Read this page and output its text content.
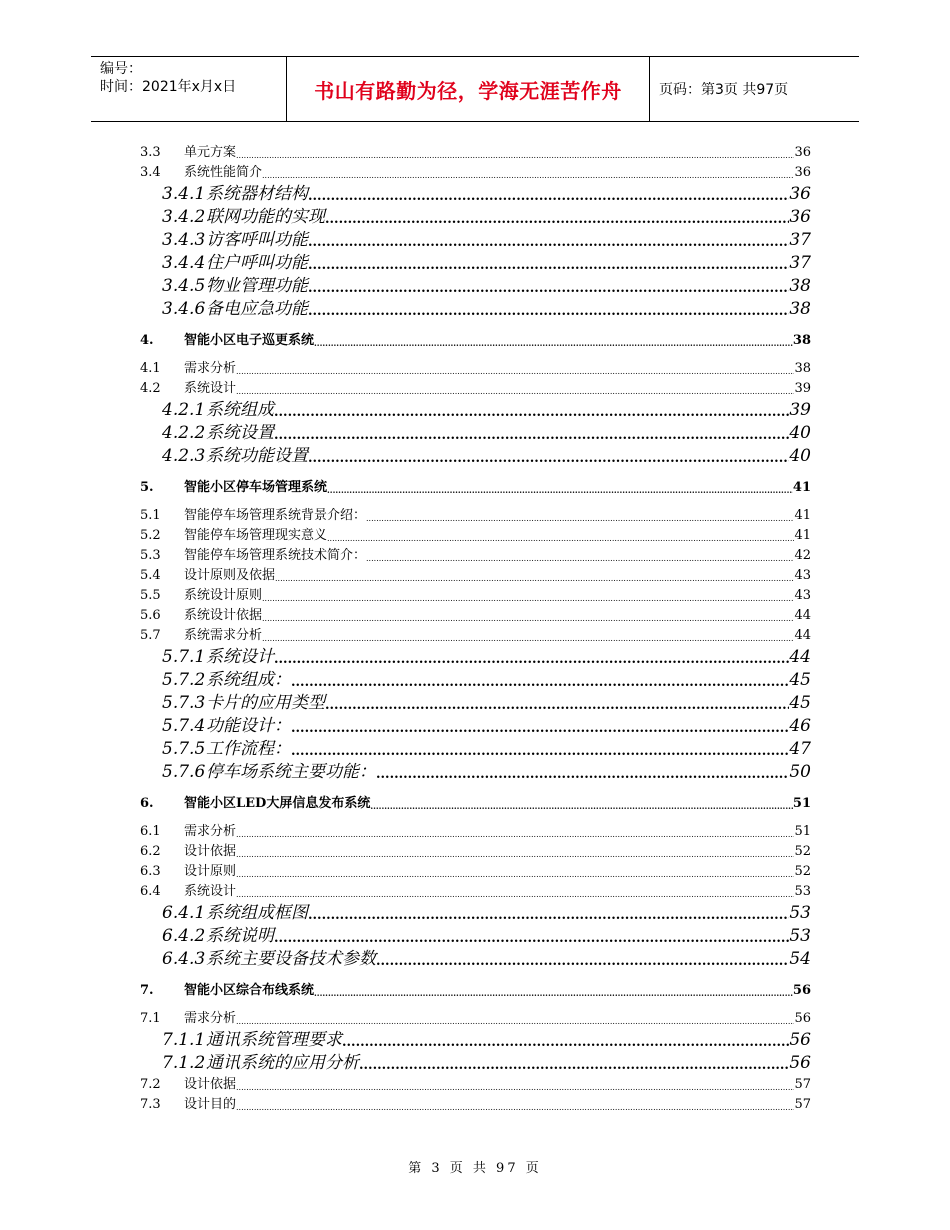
编号：
时间：2021年x月x日	书山有路勤为径，学海无涯苦作舟	页码：第3页 共97页
3.3	单元方案 .....	36
3.4	系统性能简介 .....	36
3.4.1 系统器材结构 .....	36
3.4.2 联网功能的实现 .....	36
3.4.3 访客呼叫功能 .....	37
3.4.4 住户呼叫功能 .....	37
3.4.5 物业管理功能 .....	38
3.4.6 备电应急功能 .....	38
4.	智能小区电子巡更系统 .....	38
4.1	需求分析 .....	38
4.2	系统设计 .....	39
4.2.1 系统组成 .....	39
4.2.2 系统设置 .....	40
4.2.3 系统功能设置 .....	40
5.	智能小区停车场管理系统 .....	41
5.1	智能停车场管理系统背景介绍： .....	41
5.2	智能停车场管理现实意义 .....	41
5.3	智能停车场管理系统技术简介： .....	42
5.4	设计原则及依据 .....	43
5.5	系统设计原则 .....	43
5.6	系统设计依据 .....	44
5.7	系统需求分析 .....	44
5.7.1 系统设计 .....	44
5.7.2 系统组成： .....	45
5.7.3 卡片的应用类型 .....	45
5.7.4 功能设计： .....	46
5.7.5 工作流程： .....	47
5.7.6 停车场系统主要功能： .....	50
6.	智能小区LED大屏信息发布系统 .....	51
6.1	需求分析 .....	51
6.2	设计依据 .....	52
6.3	设计原则 .....	52
6.4	系统设计 .....	53
6.4.1 系统组成框图 .....	53
6.4.2 系统说明 .....	53
6.4.3 系统主要设备技术参数 .....	54
7.	智能小区综合布线系统 .....	56
7.1	需求分析 .....	56
7.1.1 通讯系统管理要求 .....	56
7.1.2 通讯系统的应用分析 .....	56
7.2	设计依据 .....	57
7.3	设计目的 .....	57
第 3 页 共 97 页
